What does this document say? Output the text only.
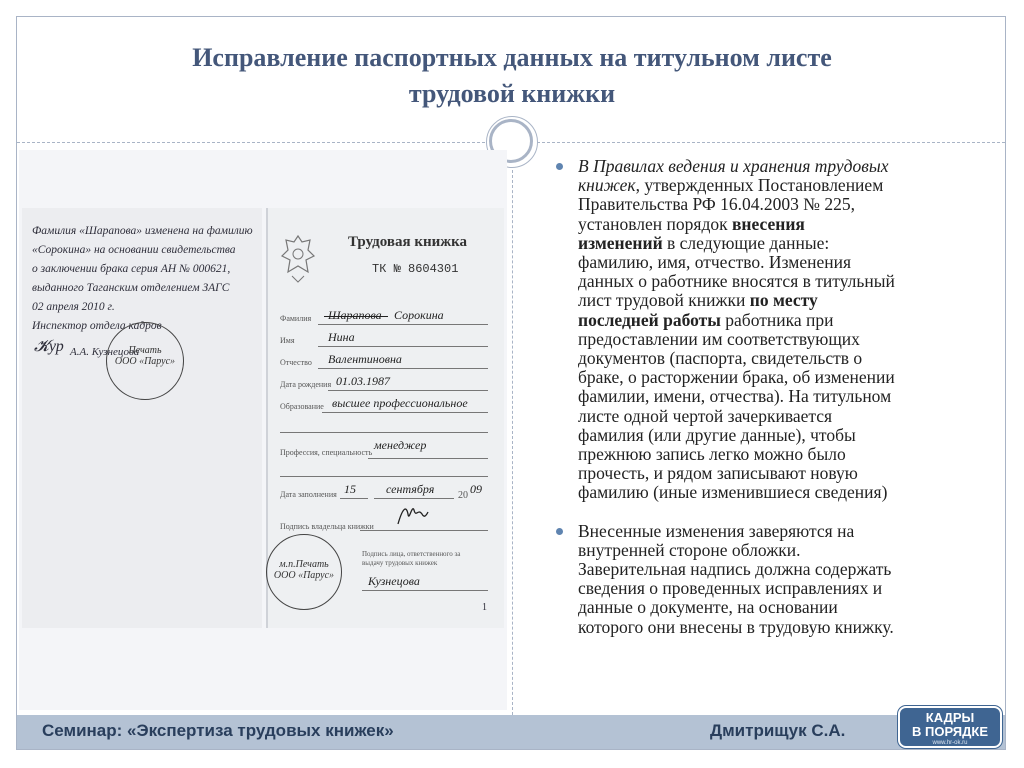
Исправление паспортных данных на титульном листе
трудовой книжки
Фамилия «Шарапова» изменена на фамилию
«Сорокина» на основании свидетельства
о заключении брака серия АН № 000621,
выданного Таганским отделением ЗАГС
02 апреля 2010 г.
Инспектор отдела кадров
𝓚ур А.А. Кузнецова
Печать
ООО «Парус»
Трудовая книжка
ТК № 8604301
Фамилия Шарапова Сорокина
Имя	Нина
Отчество Валентиновна
Дата рождения 01.03.1987
Образование высшее профессиональное
Профессия, специальность
менеджер
Дата заполнения 15	сентября 20 09
Подпись владельца книжки
Подпись лица, ответственного за выдачу трудовых книжек
Кузнецова
м.п.Печать
ООО «Парус»
1
В Правилах ведения и хранения трудовых
книжек, утвержденных Постановлением
Правительства РФ 16.04.2003 № 225,
установлен порядок внесения
изменений в следующие данные:
фамилию, имя, отчество. Изменения
данных о работнике вносятся в титульный
лист трудовой книжки по месту
последней работы работника при
предоставлении им соответствующих
документов (паспорта, свидетельств о
браке, о расторжении брака, об изменении
фамилии, имени, отчества). На титульном
листе одной чертой зачеркивается
фамилия (или другие данные), чтобы
прежнюю запись легко можно было
прочесть, и рядом записывают новую
фамилию (иные изменившиеся сведения)
Внесенные изменения заверяются на
внутренней стороне обложки.
Заверительная надпись должна содержать
сведения о проведенных исправлениях и
данные о документе, на основании
которого они внесены в трудовую книжку.
Семинар: «Экспертиза трудовых книжек»	Дмитрищук С.А.
КАДРЫ
В ПОРЯДКЕ
www.hr-ok.ru
